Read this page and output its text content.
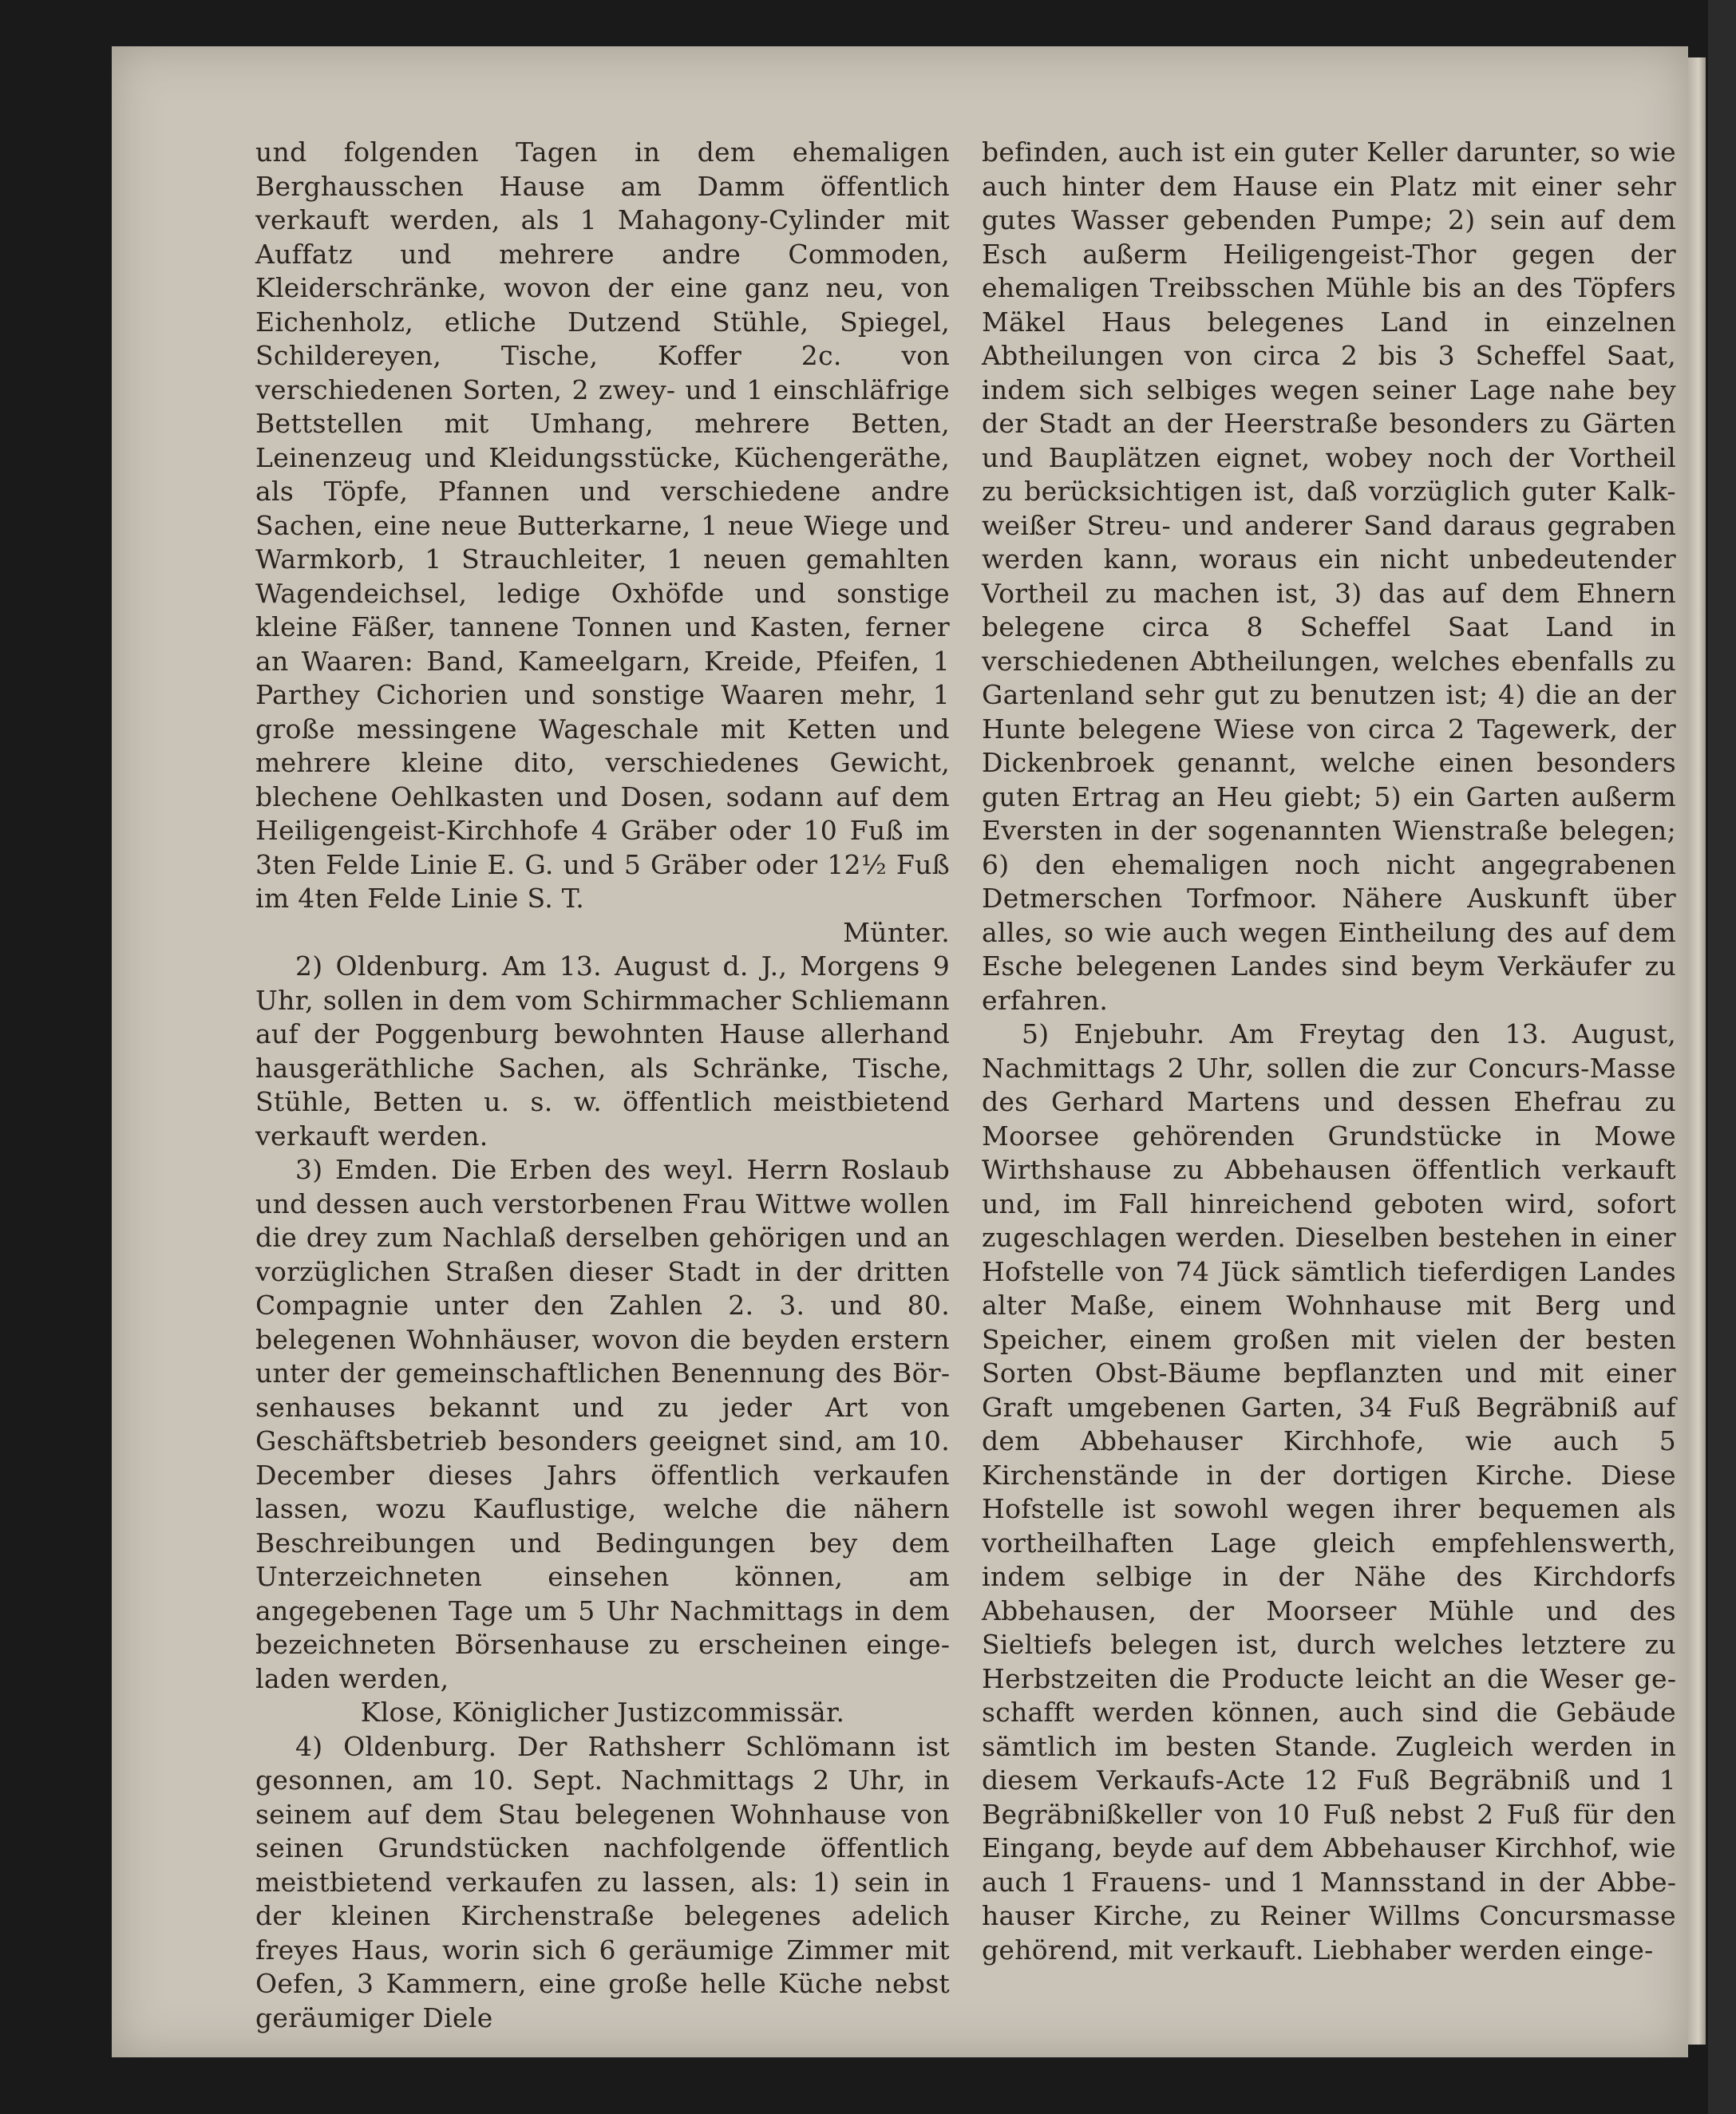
und folgenden Tagen in dem ehemaligen Berghausschen Hause am Damm öffentlich verkauft werden, als 1 Mahagony-Cylinder mit Auffatz und mehrere andre Commoden, Kleiderschränke, wovon der eine ganz neu, von Eichenholz, etliche Dutzend Stühle, Spiegel, Schildereyen, Tische, Koffer 2c. von verschiedenen Sorten, 2 zwey- und 1 einschläfrige Bettstellen mit Umhang, mehrere Betten, Leinenzeug und Kleidungsstücke, Küchengeräthe, als Töpfe, Pfannen und verschiedene andre Sachen, eine neue Butterkarne, 1 neue Wiege und Warmkorb, 1 Strauchleiter, 1 neuen gemahlten Wagendeichsel, ledige Oxhöfde und sonstige kleine Fäßer, tannene Tonnen und Kasten, ferner an Waaren: Band, Kameelgarn, Kreide, Pfeifen, 1 Parthey Cichorien und sonstige Waaren mehr, 1 große messingene Wageschale mit Ketten und mehrere kleine dito, verschiedenes Gewicht, blechene Oehlkasten und Dosen, sodann auf dem Heiligengeist-Kirchhofe 4 Gräber oder 10 Fuß im 3ten Felde Linie E. G. und 5 Gräber oder 12½ Fuß im 4ten Felde Linie S. T.

Münter.

2) Oldenburg. Am 13. August d. J., Morgens 9 Uhr, sollen in dem vom Schirmmacher Schliemann auf der Poggenburg bewohnten Hause allerhand hausgeräthliche Sachen, als Schränke, Tische, Stühle, Betten u. s. w. öffentlich meistbietend verkauft werden.

3) Emden. Die Erben des weyl. Herrn Roslaub und dessen auch verstorbenen Frau Wittwe wollen die drey zum Nachlaß derselben gehörigen und an vorzüglichen Straßen dieser Stadt in der dritten Compagnie unter den Zahlen 2. 3. und 80. belegenen Wohnhäuser, wovon die beyden erstern unter der gemeinschaftlichen Benennung des Börsenhauses bekannt und zu jeder Art von Geschäftsbetrieb besonders geeignet sind, am 10. December dieses Jahrs öffentlich verkaufen lassen, wozu Kauflustige, welche die nähern Beschreibungen und Bedingungen bey dem Unterzeichneten einsehen können, am angegebenen Tage um 5 Uhr Nachmittags in dem bezeichneten Börsenhause zu erscheinen eingeladen werden,

Klose, Königlicher Justizcommissär.

4) Oldenburg. Der Rathsherr Schlömann ist gesonnen, am 10. Sept. Nachmittags 2 Uhr, in seinem auf dem Stau belegenen Wohnhause von seinen Grundstücken nachfolgende öffentlich meistbietend verkaufen zu lassen, als: 1) sein in der kleinen Kirchenstraße belegenes adelich freyes Haus, worin sich 6 geräumige Zimmer mit Oefen, 3 Kammern, eine große helle Küche nebst geräumiger Diele

befinden, auch ist ein guter Keller darunter, so wie auch hinter dem Hause ein Platz mit einer sehr gutes Wasser gebenden Pumpe; 2) sein auf dem Esch außerm Heiligengeist-Thor gegen der ehemaligen Treibsschen Mühle bis an des Töpfers Mäkel Haus belegenes Land in einzelnen Abtheilungen von circa 2 bis 3 Scheffel Saat, indem sich selbiges wegen seiner Lage nahe bey der Stadt an der Heerstraße besonders zu Gärten und Bauplätzen eignet, wobey noch der Vortheil zu berücksichtigen ist, daß vorzüglich guter Kalk- weißer Streu- und anderer Sand daraus gegraben werden kann, woraus ein nicht unbedeutender Vortheil zu machen ist, 3) das auf dem Ehnern belegene circa 8 Scheffel Saat Land in verschiedenen Abtheilungen, welches ebenfalls zu Gartenland sehr gut zu benutzen ist; 4) die an der Hunte belegene Wiese von circa 2 Tagewerk, der Dickenbroek genannt, welche einen besonders guten Ertrag an Heu giebt; 5) ein Garten außerm Eversten in der sogenannten Wienstraße belegen; 6) den ehemaligen noch nicht angegrabenen Detmerschen Torfmoor. Nähere Auskunft über alles, so wie auch wegen Eintheilung des auf dem Esche belegenen Landes sind beym Verkäufer zu erfahren.

5) Enjebuhr. Am Freytag den 13. August, Nachmittags 2 Uhr, sollen die zur Concurs-Masse des Gerhard Martens und dessen Ehefrau zu Moorsee gehörenden Grundstücke in Mowe Wirthshause zu Abbehausen öffentlich verkauft und, im Fall hinreichend geboten wird, sofort zugeschlagen werden. Dieselben bestehen in einer Hofstelle von 74 Jück sämtlich tieferdigen Landes alter Maße, einem Wohnhause mit Berg und Speicher, einem großen mit vielen der besten Sorten Obst-Bäume bepflanzten und mit einer Graft umgebenen Garten, 34 Fuß Begräbniß auf dem Abbehauser Kirchhofe, wie auch 5 Kirchenstände in der dortigen Kirche. Diese Hofstelle ist sowohl wegen ihrer bequemen als vortheilhaften Lage gleich empfehlenswerth, indem selbige in der Nähe des Kirchdorfs Abbehausen, der Moorseer Mühle und des Sieltiefs belegen ist, durch welches letztere zu Herbstzeiten die Producte leicht an die Weser geschafft werden können, auch sind die Gebäude sämtlich im besten Stande. Zugleich werden in diesem Verkaufs-Acte 12 Fuß Begräbniß und 1 Begräbnißkeller von 10 Fuß nebst 2 Fuß für den Eingang, beyde auf dem Abbehauser Kirchhof, wie auch 1 Frauens- und 1 Mannsstand in der Abbehauser Kirche, zu Reiner Willms Concursmasse gehörend, mit verkauft. Liebhaber werden einge-
